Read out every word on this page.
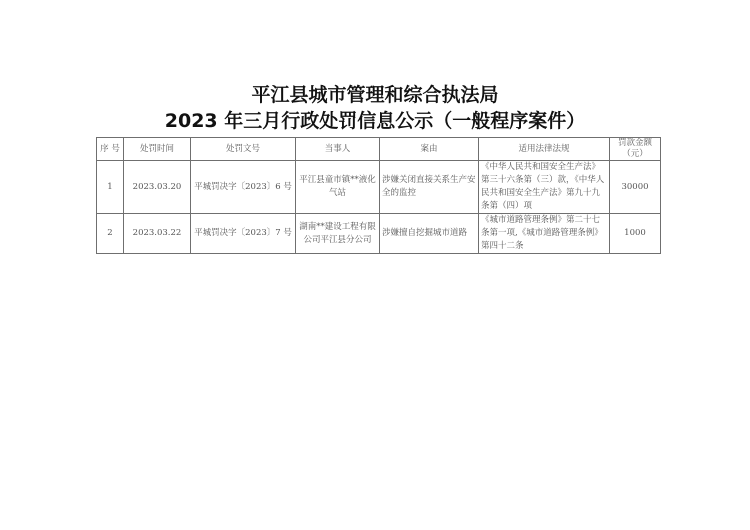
平江县城市管理和综合执法局
2023 年三月行政处罚信息公示（一般程序案件）
序 号	处罚时间	处罚文号	当事人	案由	适用法律法规	罚款金额
（元）
1	2023.03.20	平城罚决字〔2023〕6 号	平江县童市镇**液化气站	涉嫌关闭直接关系生产安全的监控	《中华人民共和国安全生产法》第三十六条第（三）款，《中华人民共和国安全生产法》第九十九条第（四）项	30000
2	2023.03.22	平城罚决字〔2023〕7 号	湖南**建设工程有限公司平江县分公司	涉嫌擅自挖掘城市道路	《城市道路管理条例》第二十七条第一项,《城市道路管理条例》第四十二条	1000
